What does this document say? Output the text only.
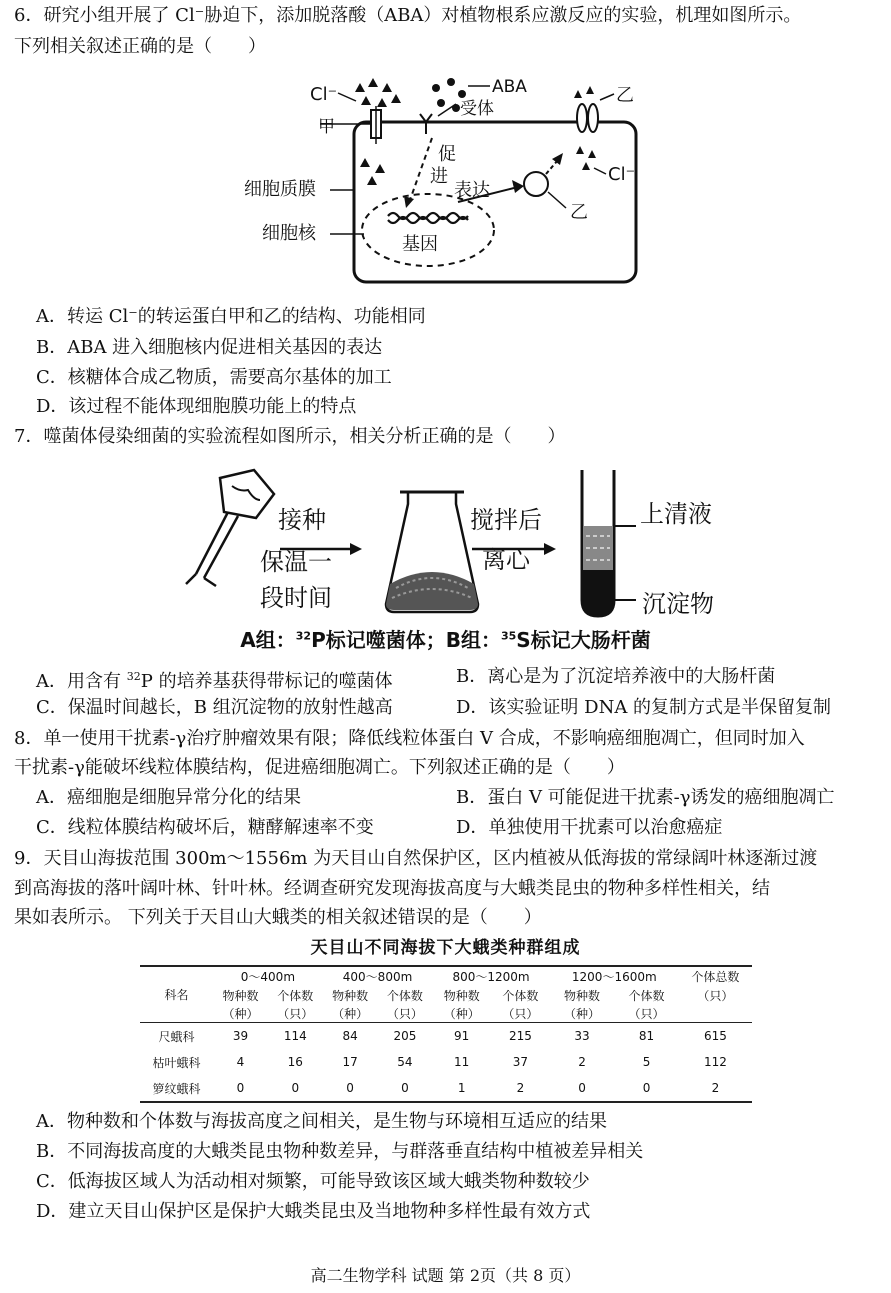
6．研究小组开展了 Cl⁻胁迫下，添加脱落酸（ABA）对植物根系应激反应的实验，机理如图所示。
下列相关叙述正确的是（　　）
Cl⁻
甲
ABA
受体
乙
Cl⁻
细胞质膜
细胞核
促
进
表达
基因
乙
A．转运 Cl⁻的转运蛋白甲和乙的结构、功能相同
B．ABA 进入细胞核内促进相关基因的表达
C．核糖体合成乙物质，需要高尔基体的加工
D．该过程不能体现细胞膜功能上的特点
7．噬菌体侵染细菌的实验流程如图所示，相关分析正确的是（　　）
接种
保温一
段时间
搅拌后
离心
上清液
沉淀物
A组：$^{32}$P标记噬菌体；B组：$^{35}$S标记大肠杆菌
A．用含有 $^{32}$P 的培养基获得带标记的噬菌体	B．离心是为了沉淀培养液中的大肠杆菌
C．保温时间越长，B 组沉淀物的放射性越高	D．该实验证明 DNA 的复制方式是半保留复制
8．单一使用干扰素-γ治疗肿瘤效果有限；降低线粒体蛋白 V 合成，不影响癌细胞凋亡，但同时加入
干扰素-γ能破坏线粒体膜结构，促进癌细胞凋亡。下列叙述正确的是（　　）
A．癌细胞是细胞异常分化的结果	B．蛋白 V 可能促进干扰素-γ诱发的癌细胞凋亡
C．线粒体膜结构破坏后，糖酵解速率不变	D．单独使用干扰素可以治愈癌症
9．天目山海拔范围 300m～1556m 为天目山自然保护区，区内植被从低海拔的常绿阔叶林逐渐过渡
到高海拔的落叶阔叶林、针叶林。经调查研究发现海拔高度与大蛾类昆虫的物种多样性相关，结
果如表所示。 下列关于天目山大蛾类的相关叙述错误的是（　　）
天目山不同海拔下大蛾类种群组成
科名	0～400m		400～800m		800～1200m		1200～1600m		个体总数
	物种数	个体数	物种数	个体数	物种数	个体数	物种数	个体数	（只）
	（种）	（只）	（种）	（只）	（种）	（只）	（种）	（只）	
尺蛾科	39	114	84	205	91	215	33	81	615
枯叶蛾科	4	16	17	54	11	37	2	5	112
箩纹蛾科	0	0	0	0	1	2	0	0	2
A．物种数和个体数与海拔高度之间相关，是生物与环境相互适应的结果
B．不同海拔高度的大蛾类昆虫物种数差异，与群落垂直结构中植被差异相关
C．低海拔区域人为活动相对频繁，可能导致该区域大蛾类物种数较少
D．建立天目山保护区是保护大蛾类昆虫及当地物种多样性最有效方式
高二生物学科 试题 第 2页（共 8 页）
